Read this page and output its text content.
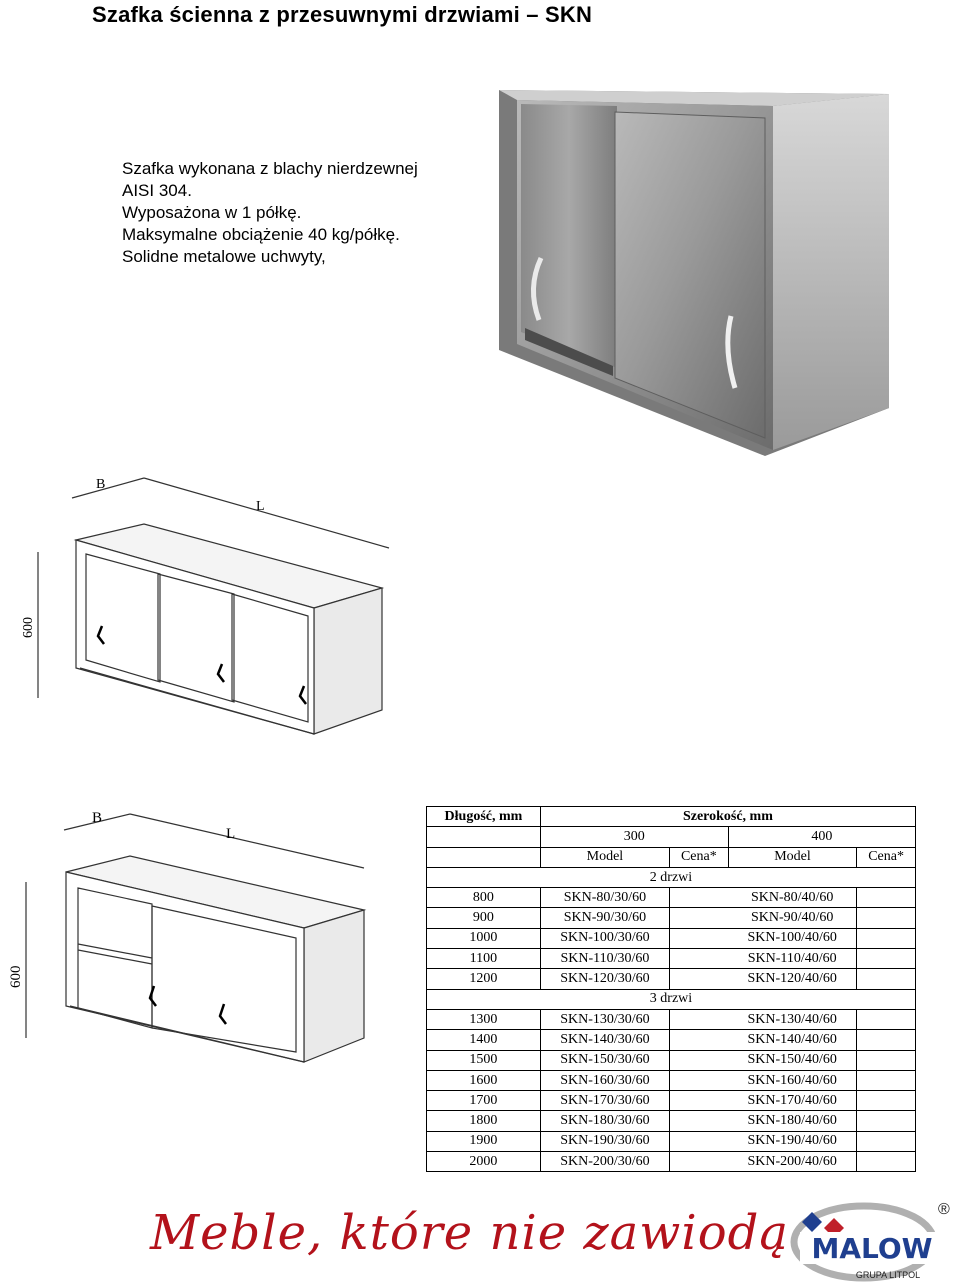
Szafka ścienna z przesuwnymi drzwiami – SKN
Szafka wykonana z blachy nierdzewnej
AISI 304.
Wyposażona w 1 półkę.
Maksymalne obciążenie 40 kg/półkę.
Solidne metalowe uchwyty,
B
L
600
B
L
600
Długość, mm	Szerokość, mm			
	300		400	
	Model	Cena*	Model	Cena*
2 drzwi				
800	SKN-80/30/60		SKN-80/40/60	
900	SKN-90/30/60		SKN-90/40/60	
1000	SKN-100/30/60		SKN-100/40/60	
1100	SKN-110/30/60		SKN-110/40/60	
1200	SKN-120/30/60		SKN-120/40/60	
3 drzwi				
1300	SKN-130/30/60		SKN-130/40/60	
1400	SKN-140/30/60		SKN-140/40/60	
1500	SKN-150/30/60		SKN-150/40/60	
1600	SKN-160/30/60		SKN-160/40/60	
1700	SKN-170/30/60		SKN-170/40/60	
1800	SKN-180/30/60		SKN-180/40/60	
1900	SKN-190/30/60		SKN-190/40/60	
2000	SKN-200/30/60		SKN-200/40/60	
Meble, które nie zawiodą MALOW
GRUPA LITPOL
®
